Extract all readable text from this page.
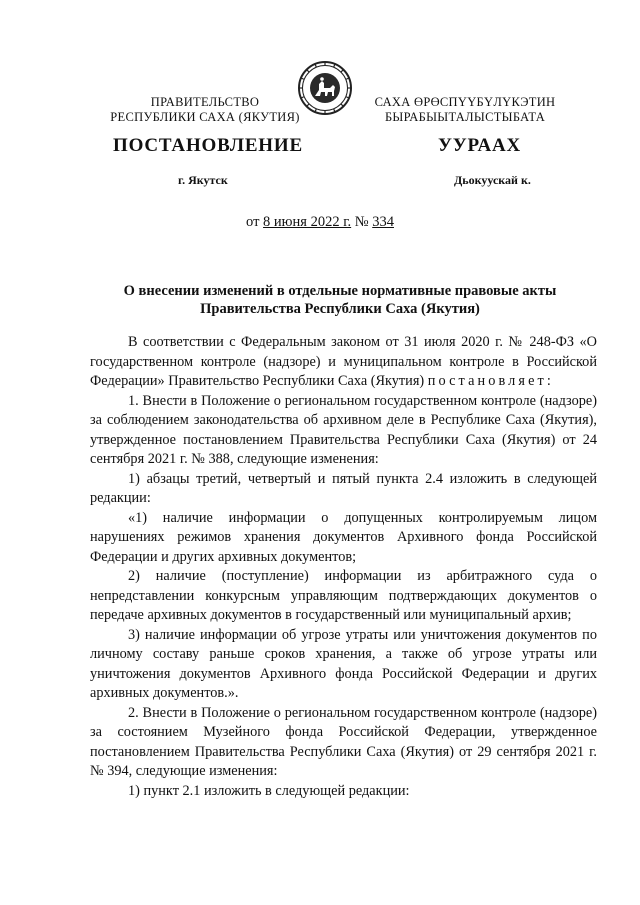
ПРАВИТЕЛЬСТВО
РЕСПУБЛИКИ САХА (ЯКУТИЯ)
САХА ӨРӨСПҮҮБҮЛҮКЭТИН
БЫРАБЫЫТАЛЫСТЫБАТА
ПОСТАНОВЛЕНИЕ	УУРААХ
г. Якутск	Дьокуускай к.
от 8 июня 2022 г. № 334
О внесении изменений в отдельные нормативные правовые акты
Правительства Республики Саха (Якутия)

В соответствии с Федеральным законом от 31 июля 2020 г. № 248-ФЗ «О государственном контроле (надзоре) и муниципальном контроле в Российской Федерации» Правительство Республики Саха (Якутия) постановляет:

1. Внести в Положение о региональном государственном контроле (надзоре) за соблюдением законодательства об архивном деле в Республике Саха (Якутия), утвержденное постановлением Правительства Республики Саха (Якутия) от 24 сентября 2021 г. № 388, следующие изменения:

1) абзацы третий, четвертый и пятый пункта 2.4 изложить в следующей редакции:

«1) наличие информации о допущенных контролируемым лицом нарушениях режимов хранения документов Архивного фонда Российской Федерации и других архивных документов;

2) наличие (поступление) информации из арбитражного суда о непредставлении конкурсным управляющим подтверждающих документов о передаче архивных документов в государственный или муниципальный архив;

3) наличие информации об угрозе утраты или уничтожения документов по личному составу раньше сроков хранения, а также об угрозе утраты или уничтожения документов Архивного фонда Российской Федерации и других архивных документов.».

2. Внести в Положение о региональном государственном контроле (надзоре) за состоянием Музейного фонда Российской Федерации, утвержденное постановлением Правительства Республики Саха (Якутия) от 29 сентября 2021 г. № 394, следующие изменения:

1) пункт 2.1 изложить в следующей редакции:
